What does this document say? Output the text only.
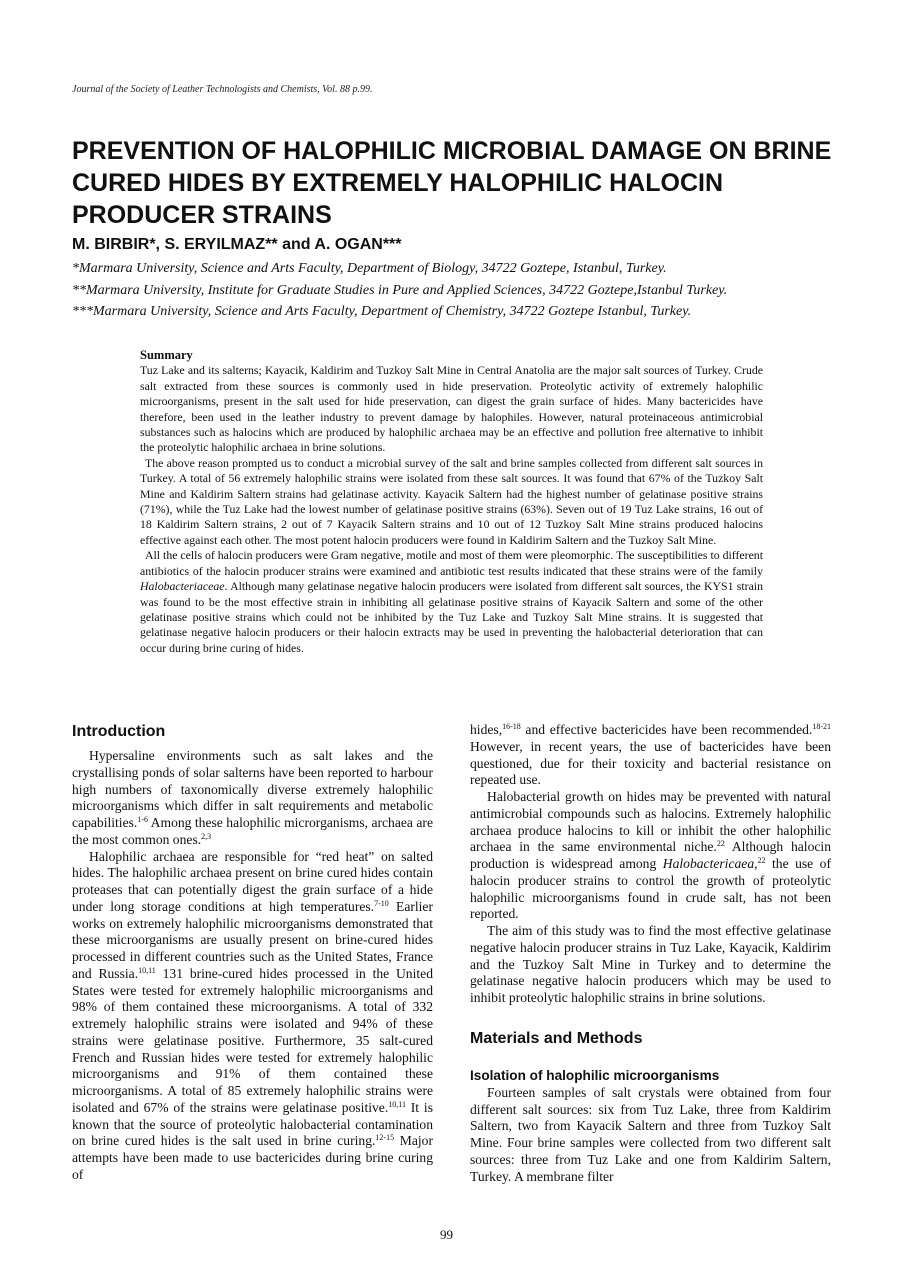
Journal of the Society of Leather Technologists and Chemists, Vol. 88 p.99.
PREVENTION OF HALOPHILIC MICROBIAL DAMAGE ON BRINE CURED HIDES BY EXTREMELY HALOPHILIC HALOCIN PRODUCER STRAINS
M. BIRBIR*, S. ERYILMAZ** and A. OGAN***
*Marmara University, Science and Arts Faculty, Department of Biology, 34722 Goztepe, Istanbul, Turkey.
**Marmara University, Institute for Graduate Studies in Pure and Applied Sciences, 34722 Goztepe,Istanbul Turkey.
***Marmara University, Science and Arts Faculty, Department of Chemistry, 34722 Goztepe Istanbul, Turkey.
Summary

Tuz Lake and its salterns; Kayacik, Kaldirim and Tuzkoy Salt Mine in Central Anatolia are the major salt sources of Turkey. Crude salt extracted from these sources is commonly used in hide preservation. Proteolytic activity of extremely halophilic microorganisms, present in the salt used for hide preservation, can digest the grain surface of hides. Many bactericides have therefore, been used in the leather industry to prevent damage by halophiles. However, natural proteinaceous antimicrobial substances such as halocins which are produced by halophilic archaea may be an effective and pollution free alternative to inhibit the proteolytic halophilic archaea in brine solutions.

The above reason prompted us to conduct a microbial survey of the salt and brine samples collected from different salt sources in Turkey. A total of 56 extremely halophilic strains were isolated from these salt sources. It was found that 67% of the Tuzkoy Salt Mine and Kaldirim Saltern strains had gelatinase activity. Kayacik Saltern had the highest number of gelatinase positive strains (71%), while the Tuz Lake had the lowest number of gelatinase positive strains (63%). Seven out of 19 Tuz Lake strains, 16 out of 18 Kaldirim Saltern strains, 2 out of 7 Kayacik Saltern strains and 10 out of 12 Tuzkoy Salt Mine strains produced halocins effective against each other. The most potent halocin producers were found in Kaldirim Saltern and the Tuzkoy Salt Mine.

All the cells of halocin producers were Gram negative, motile and most of them were pleomorphic. The susceptibilities to different antibiotics of the halocin producer strains were examined and antibiotic test results indicated that these strains were of the family Halobacteriaceae. Although many gelatinase negative halocin producers were isolated from different salt sources, the KYS1 strain was found to be the most effective strain in inhibiting all gelatinase positive strains of Kayacik Saltern and some of the other gelatinase positive strains which could not be inhibited by the Tuz Lake and Tuzkoy Salt Mine strains. It is suggested that gelatinase negative halocin producers or their halocin extracts may be used in preventing the halobacterial deterioration that can occur during brine curing of hides.

Introduction

Hypersaline environments such as salt lakes and the crystallising ponds of solar salterns have been reported to harbour high numbers of taxonomically diverse extremely halophilic microorganisms which differ in salt requirements and metabolic capabilities.$^{1-6}$ Among these halophilic microrganisms, archaea are the most common ones.$^{2,3}$

Halophilic archaea are responsible for “red heat” on salted hides. The halophilic archaea present on brine cured hides contain proteases that can potentially digest the grain surface of a hide under long storage conditions at high temperatures.$^{7-10}$ Earlier works on extremely halophilic microorganisms demonstrated that these microorganisms are usually present on brine-cured hides processed in different countries such as the United States, France and Russia.$^{10,11}$ 131 brine-cured hides processed in the United States were tested for extremely halophilic microorganisms and 98% of them contained these microorganisms. A total of 332 extremely halophilic strains were isolated and 94% of these strains were gelatinase positive. Furthermore, 35 salt-cured French and Russian hides were tested for extremely halophilic microorganisms and 91% of them contained these microorganisms. A total of 85 extremely halophilic strains were isolated and 67% of the strains were gelatinase positive.$^{10,11}$ It is known that the source of proteolytic halobacterial contamination on brine cured hides is the salt used in brine curing.$^{12-15}$ Major attempts have been made to use bactericides during brine curing of

hides,$^{16-18}$ and effective bactericides have been recommended.$^{18-21}$ However, in recent years, the use of bactericides have been questioned, due for their toxicity and bacterial resistance on repeated use.

Halobacterial growth on hides may be prevented with natural antimicrobial compounds such as halocins. Extremely halophilic archaea produce halocins to kill or inhibit the other halophilic archaea in the same environmental niche.$^{22}$ Although halocin production is widespread among Halobactericaea,$^{22}$ the use of halocin producer strains to control the growth of proteolytic halophilic microorganisms found in crude salt, has not been reported.

The aim of this study was to find the most effective gelatinase negative halocin producer strains in Tuz Lake, Kayacik, Kaldirim and the Tuzkoy Salt Mine in Turkey and to determine the gelatinase negative halocin producers which may be used to inhibit proteolytic halophilic strains in brine solutions.

Materials and Methods
Isolation of halophilic microorganisms

Fourteen samples of salt crystals were obtained from four different salt sources: six from Tuz Lake, three from Kaldirim Saltern, two from Kayacik Saltern and three from Tuzkoy Salt Mine. Four brine samples were collected from two different salt sources: three from Tuz Lake and one from Kaldirim Saltern, Turkey. A membrane filter

99
